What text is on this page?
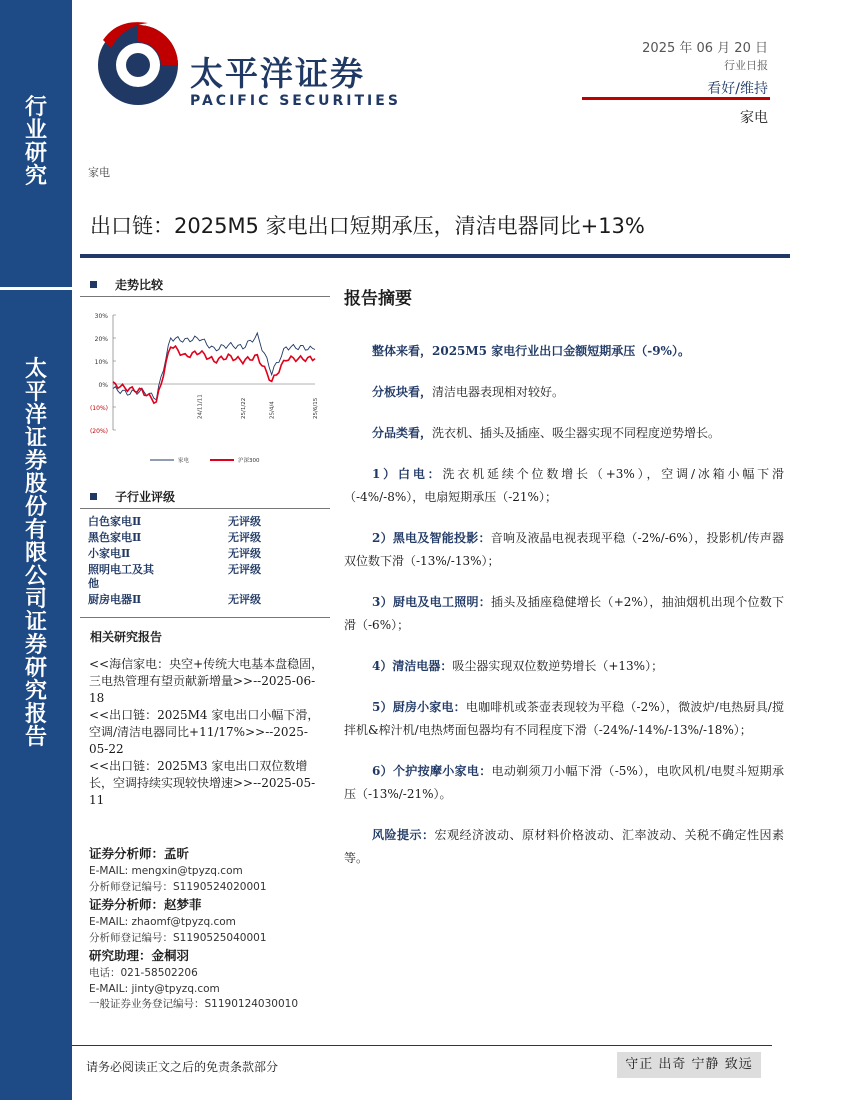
行
业
研
究
太
平
洋
证
券
股
份
有
限
公
司
证
券
研
究
报
告
太平洋证券
PACIFIC SECURITIES
2025 年 06 月 20 日
行业日报
看好/维持
家电
家电
出口链：2025M5 家电出口短期承压，清洁电器同比+13%
走势比较
30%
20%
10%
0%
(10%)
(20%)
24/11/11	25/1/22	25/4/4	25/6/15
家电	沪深300
子行业评级
白色家电Ⅱ	无评级
黑色家电Ⅱ	无评级
小家电Ⅱ	无评级
照明电工及其他
无评级
厨房电器Ⅱ	无评级
相关研究报告

<<海信家电：央空+传统大电基本盘稳固，三电热管理有望贡献新增量>>--2025-06-18

<<出口链：2025M4 家电出口小幅下滑，空调/清洁电器同比+11/17%>>--2025-05-22

<<出口链：2025M3 家电出口双位数增长，空调持续实现较快增速>>--2025-05-11

证券分析师：孟昕
E-MAIL: mengxin@tpyzq.com
分析师登记编号：S1190524020001
证券分析师：赵梦菲
E-MAIL: zhaomf@tpyzq.com
分析师登记编号：S1190525040001
研究助理：金桐羽
电话：021-58502206
E-MAIL: jinty@tpyzq.com
一般证券业务登记编号：S1190124030010
报告摘要

整体来看，2025M5 家电行业出口金额短期承压（-9%）。

分板块看，清洁电器表现相对较好。

分品类看，洗衣机、插头及插座、吸尘器实现不同程度逆势增长。

1）白电：洗衣机延续个位数增长（+3%），空调/冰箱小幅下滑（-4%/-8%），电扇短期承压（-21%）；

2）黑电及智能投影：音响及液晶电视表现平稳（-2%/-6%），投影机/传声器双位数下滑（-13%/-13%）；

3）厨电及电工照明：插头及插座稳健增长（+2%），抽油烟机出现个位数下滑（-6%）；

4）清洁电器：吸尘器实现双位数逆势增长（+13%）；

5）厨房小家电：电咖啡机或茶壶表现较为平稳（-2%），微波炉/电热厨具/搅拌机&榨汁机/电热烤面包器均有不同程度下滑（-24%/-14%/-13%/-18%）；

6）个护按摩小家电：电动剃须刀小幅下滑（-5%），电吹风机/电熨斗短期承压（-13%/-21%）。

风险提示：宏观经济波动、原材料价格波动、汇率波动、关税不确定性因素等。

请务必阅读正文之后的免责条款部分	守正 出奇 宁静 致远
